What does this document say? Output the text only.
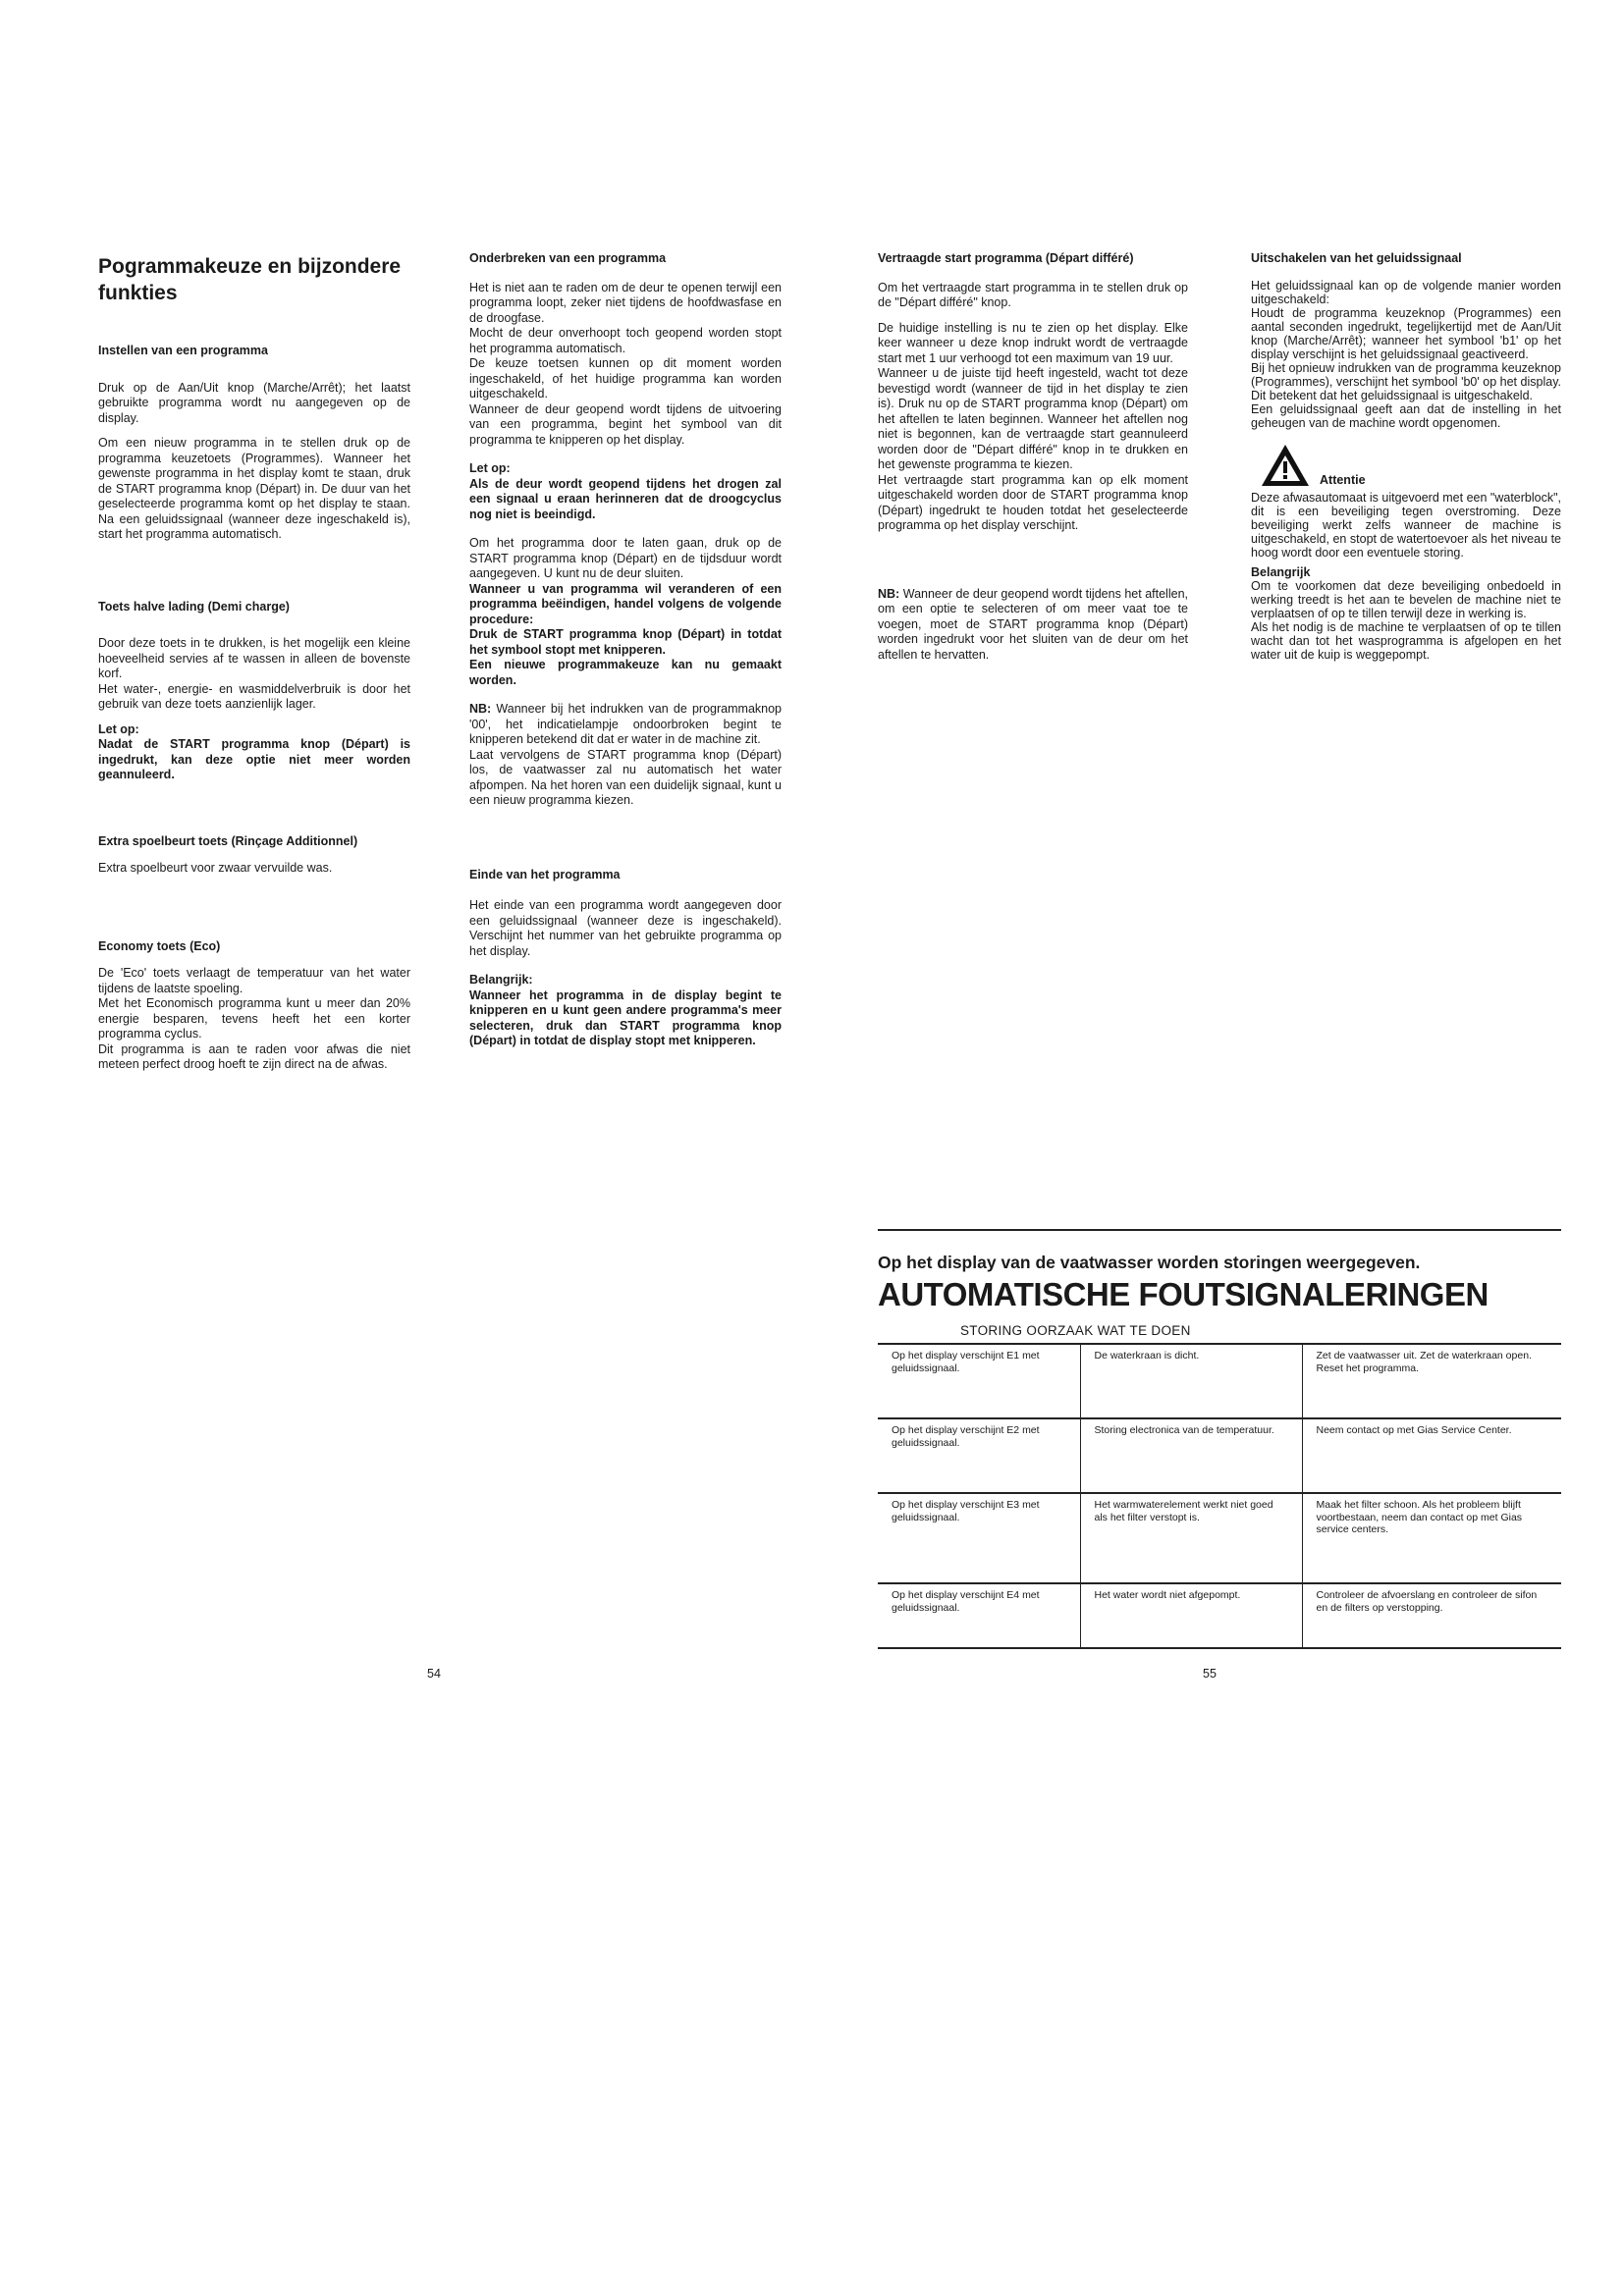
Pogrammakeuze en bijzondere
funkties
Instellen van een programma

Druk op de Aan/Uit knop (Marche/Arrêt); het laatst gebruikte programma wordt nu aangegeven op de display.

Om een nieuw programma in te stellen druk op de programma keuzetoets (Programmes). Wanneer het gewenste programma in het display komt te staan, druk de START programma knop (Départ) in. De duur van het geselecteerde programma komt op het display te staan. Na een geluidssignaal (wanneer deze ingeschakeld is), start het programma automatisch.

Toets halve lading (Demi charge)

Door deze toets in te drukken, is het mogelijk een kleine hoeveelheid servies af te wassen in alleen de bovenste korf.

Het water-, energie- en wasmiddelverbruik is door het gebruik van deze toets aanzienlijk lager.

Let op:

Nadat de START programma knop (Départ) is ingedrukt, kan deze optie niet meer worden geannuleerd.

Extra spoelbeurt toets (Rinçage Additionnel)

Extra spoelbeurt voor zwaar vervuilde was.

Economy toets (Eco)

De 'Eco' toets verlaagt de temperatuur van het water tijdens de laatste spoeling.

Met het Economisch programma kunt u meer dan 20% energie besparen, tevens heeft het een korter programma cyclus.

Dit programma is aan te raden voor afwas die niet meteen perfect droog hoeft te zijn direct na de afwas.

Onderbreken van een programma

Het is niet aan te raden om de deur te openen terwijl een programma loopt, zeker niet tijdens de hoofdwasfase en de droogfase.

Mocht de deur onverhoopt toch geopend worden stopt het programma automatisch.

De keuze toetsen kunnen op dit moment worden ingeschakeld, of het huidige programma kan worden uitgeschakeld.

Wanneer de deur geopend wordt tijdens de uitvoering van een programma, begint het symbool van dit programma te knipperen op het display.

Let op:

Als de deur wordt geopend tijdens het drogen zal een signaal u eraan herinneren dat de droogcyclus nog niet is beeindigd.

Om het programma door te laten gaan, druk op de START programma knop (Départ) en de tijdsduur wordt aangegeven. U kunt nu de deur sluiten.

Wanneer u van programma wil veranderen of een programma beëindigen, handel volgens de volgende procedure:

Druk de START programma knop (Départ) in totdat het symbool stopt met knipperen.

Een nieuwe programmakeuze kan nu gemaakt worden.

NB: Wanneer bij het indrukken van de programmaknop '00', het indicatielampje ondoorbroken begint te knipperen betekend dit dat er water in de machine zit.

Laat vervolgens de START programma knop (Départ) los, de vaatwasser zal nu automatisch het water afpompen. Na het horen van een duidelijk signaal, kunt u een nieuw programma kiezen.

Einde van het programma

Het einde van een programma wordt aangegeven door een geluidssignaal (wanneer deze is ingeschakeld). Verschijnt het nummer van het gebruikte programma op het display.

Belangrijk:

Wanneer het programma in de display begint te knipperen en u kunt geen andere programma's meer selecteren, druk dan START programma knop (Départ) in totdat de display stopt met knipperen.

54
Vertraagde start programma (Départ différé)

Om het vertraagde start programma in te stellen druk op de "Départ différé" knop.

De huidige instelling is nu te zien op het display. Elke keer wanneer u deze knop indrukt wordt de vertraagde start met 1 uur verhoogd tot een maximum van 19 uur.

Wanneer u de juiste tijd heeft ingesteld, wacht tot deze bevestigd wordt (wanneer de tijd in het display te zien is). Druk nu op de START programma knop (Départ) om het aftellen te laten beginnen. Wanneer het aftellen nog niet is begonnen, kan de vertraagde start geannuleerd worden door de "Départ différé" knop in te drukken en het gewenste programma te kiezen.

Het vertraagde start programma kan op elk moment uitgeschakeld worden door de START programma knop (Départ) ingedrukt te houden totdat het geselecteerde programma op het display verschijnt.

NB: Wanneer de deur geopend wordt tijdens het aftellen, om een optie te selecteren of om meer vaat toe te voegen, moet de START programma knop (Départ) worden ingedrukt voor het sluiten van de deur om het aftellen te hervatten.

Uitschakelen van het geluidssignaal

Het geluidssignaal kan op de volgende manier worden uitgeschakeld:

Houdt de programma keuzeknop (Programmes) een aantal seconden ingedrukt, tegelijkertijd met de Aan/Uit knop (Marche/Arrêt); wanneer het symbool 'b1' op het display verschijnt is het geluidssignaal geactiveerd.

Bij het opnieuw indrukken van de programma keuzeknop (Programmes), verschijnt het symbool 'b0' op het display. Dit betekent dat het geluidssignaal is uitgeschakeld.

Een geluidssignaal geeft aan dat de instelling in het geheugen van de machine wordt opgenomen.

Attentie

Deze afwasautomaat is uitgevoerd met een "waterblock", dit is een beveiliging tegen overstroming. Deze beveiliging werkt zelfs wanneer de machine is uitgeschakeld, en stopt de watertoevoer als het niveau te hoog wordt door een eventuele storing.

Belangrijk

Om te voorkomen dat deze beveiliging onbedoeld in werking treedt is het aan te bevelen de machine niet te verplaatsen of op te tillen terwijl deze in werking is.

Als het nodig is de machine te verplaatsen of op te tillen wacht dan tot het wasprogramma is afgelopen en het water uit de kuip is weggepompt.

Op het display van de vaatwasser worden storingen weergegeven.
AUTOMATISCHE FOUTSIGNALERINGEN
STORING OORZAAK WAT TE DOEN
Op het display verschijnt E1 met geluidssignaal.	De waterkraan is dicht.	Zet de vaatwasser uit. Zet de waterkraan open. Reset het programma.
Op het display verschijnt E2 met geluidssignaal.	Storing electronica van de temperatuur.	Neem contact op met Gias Service Center.
Op het display verschijnt E3 met geluidssignaal.	Het warmwaterelement werkt niet goed als het filter verstopt is.	Maak het filter schoon. Als het probleem blijft voortbestaan, neem dan contact op met Gias service centers.
Op het display verschijnt E4 met geluidssignaal.	Het water wordt niet afgepompt.	Controleer de afvoerslang en controleer de sifon en de filters op verstopping.
55
